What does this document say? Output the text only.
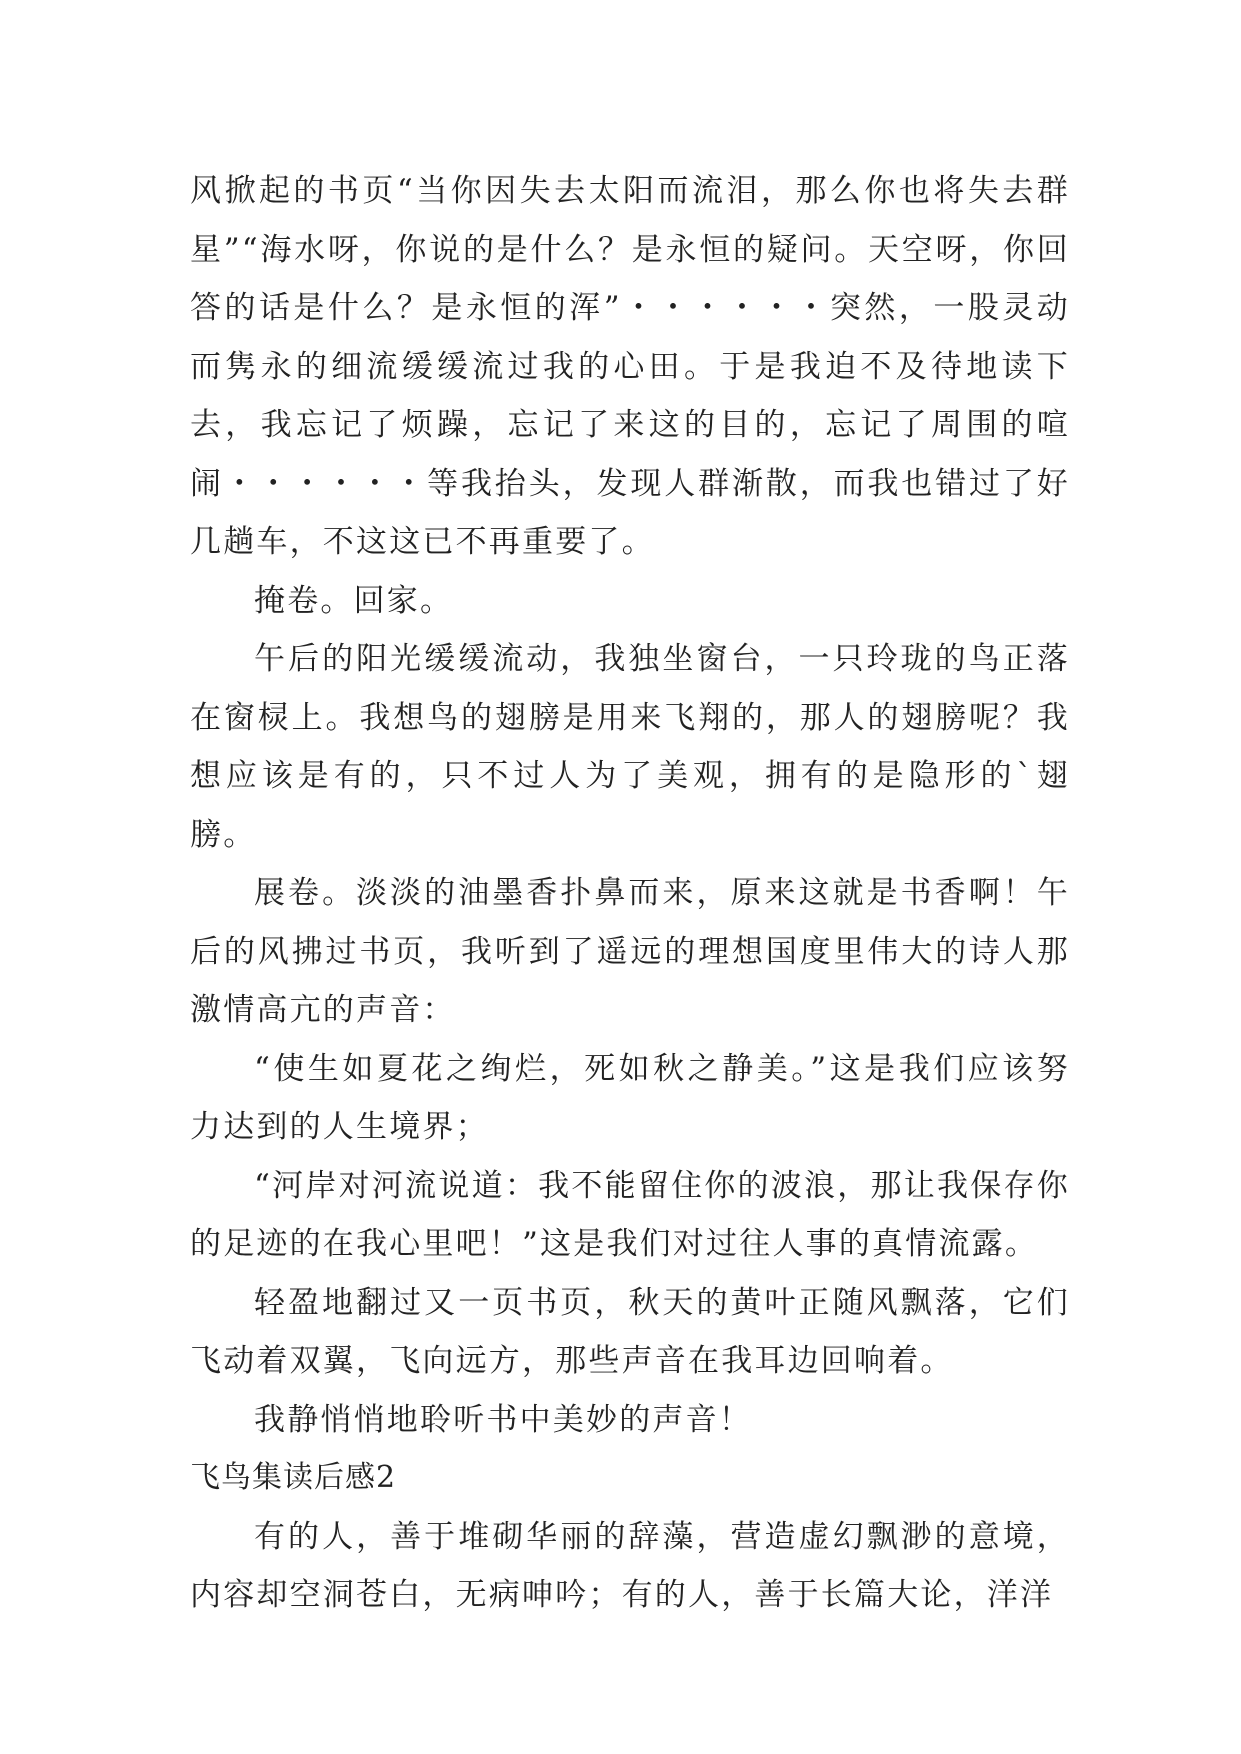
风掀起的书页“当你因失去太阳而流泪，那么你也将失去群星”“海水呀，你说的是什么？是永恒的疑问。天空呀，你回答的话是什么？是永恒的浑”・・・・・・突然，一股灵动而隽永的细流缓缓流过我的心田。于是我迫不及待地读下去，我忘记了烦躁，忘记了来这的目的，忘记了周围的喧闹・・・・・・等我抬头，发现人群渐散，而我也错过了好几趟车，不这这已不再重要了。

掩卷。回家。

午后的阳光缓缓流动，我独坐窗台，一只玲珑的鸟正落在窗棂上。我想鸟的翅膀是用来飞翔的，那人的翅膀呢？我想应该是有的，只不过人为了美观，拥有的是隐形的`翅膀。

展卷。淡淡的油墨香扑鼻而来，原来这就是书香啊！午后的风拂过书页，我听到了遥远的理想国度里伟大的诗人那激情高亢的声音：

“使生如夏花之绚烂，死如秋之静美。”这是我们应该努力达到的人生境界；

“河岸对河流说道：我不能留住你的波浪，那让我保存你的足迹的在我心里吧！”这是我们对过往人事的真情流露。

轻盈地翻过又一页书页，秋天的黄叶正随风飘落，它们飞动着双翼，飞向远方，那些声音在我耳边回响着。

我静悄悄地聆听书中美妙的声音！

飞鸟集读后感2

有的人，善于堆砌华丽的辞藻，营造虚幻飘渺的意境，内容却空洞苍白，无病呻吟；有的人，善于长篇大论，洋洋
